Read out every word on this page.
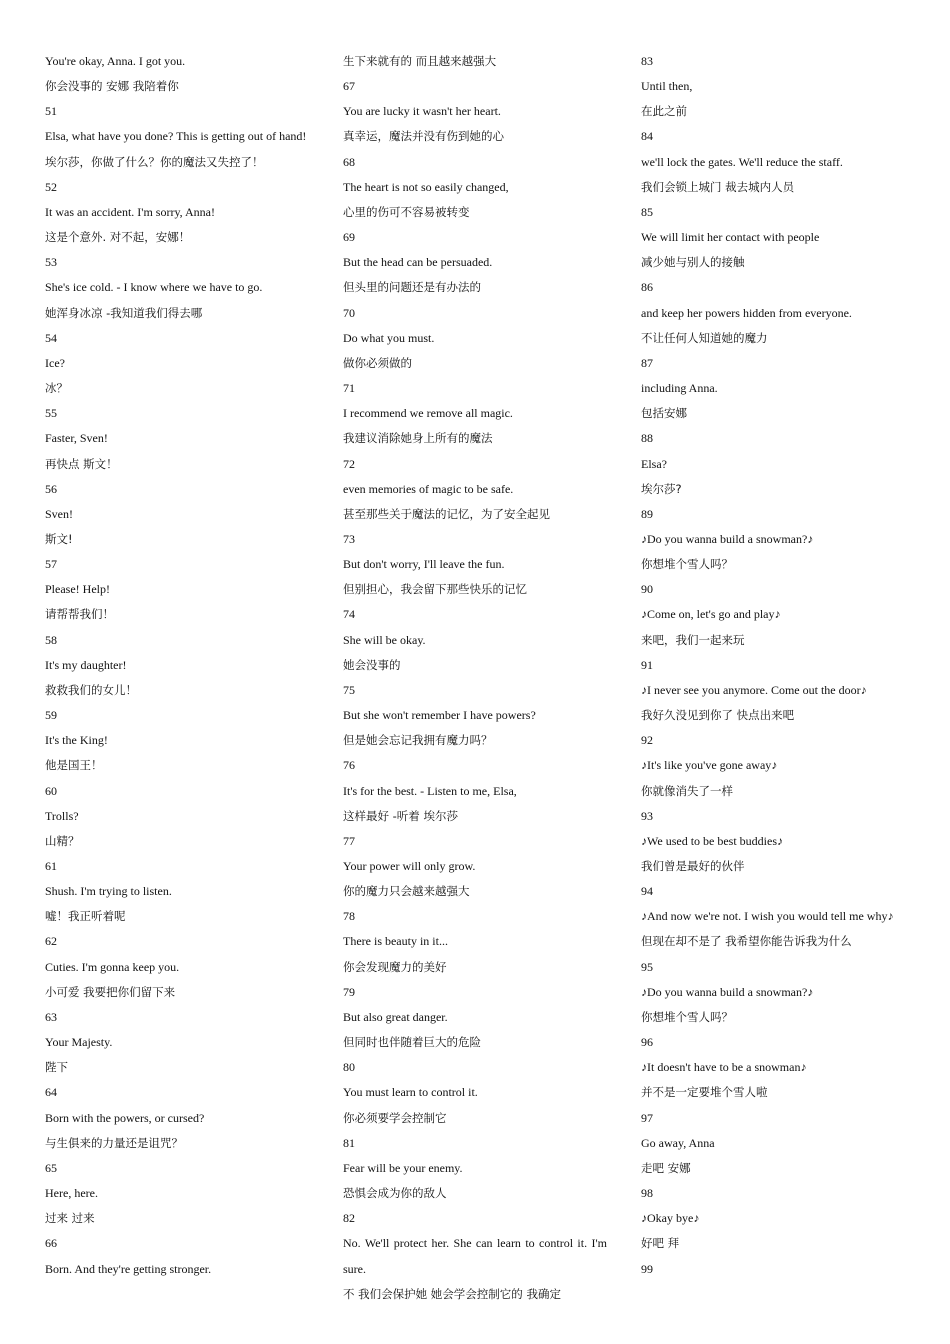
You're okay, Anna. I got you.
你会没事的 安娜 我陪着你
51
Elsa, what have you done? This is getting out of hand!
埃尔莎，你做了什么？你的魔法又失控了！
52
It was an accident. I'm sorry, Anna!
这是个意外. 对不起，安娜！
53
She's ice cold. - I know where we have to go.
她浑身冰凉 -我知道我们得去哪
54
Ice?
冰？
55
Faster, Sven!
再快点 斯文！
56
Sven!
斯文!
57
Please! Help!
请帮帮我们！
58
It's my daughter!
救救我们的女儿！
59
It's the King!
他是国王！
60
Trolls?
山精？
61
Shush. I'm trying to listen.
嘘！我正听着呢
62
Cuties. I'm gonna keep you.
小可爱 我要把你们留下来
63
Your Majesty.
陛下
64
Born with the powers, or cursed?
与生俱来的力量还是诅咒？
65
Here, here.
过来 过来
66
Born. And they're getting stronger.
生下来就有的 而且越来越强大
67
You are lucky it wasn't her heart.
真幸运，魔法并没有伤到她的心
68
The heart is not so easily changed,
心里的伤可不容易被转变
69
But the head can be persuaded.
但头里的问题还是有办法的
70
Do what you must.
做你必须做的
71
I recommend we remove all magic.
我建议消除她身上所有的魔法
72
even memories of magic to be safe.
甚至那些关于魔法的记忆，为了安全起见
73
But don't worry, I'll leave the fun.
但别担心，我会留下那些快乐的记忆
74
She will be okay.
她会没事的
75
But she won't remember I have powers?
但是她会忘记我拥有魔力吗？
76
It's for the best. - Listen to me, Elsa,
这样最好 -听着 埃尔莎
77
Your power will only grow.
你的魔力只会越来越强大
78
There is beauty in it...
你会发现魔力的美好
79
But also great danger.
但同时也伴随着巨大的危险
80
You must learn to control it.
你必须要学会控制它
81
Fear will be your enemy.
恐惧会成为你的敌人
82
No. We'll protect her. She can learn to control it. I'm sure.
不 我们会保护她 她会学会控制它的 我确定
83
Until then,
在此之前
84
we'll lock the gates. We'll reduce the staff.
我们会锁上城门 裁去城内人员
85
We will limit her contact with people
减少她与别人的接触
86
and keep her powers hidden from everyone.
不让任何人知道她的魔力
87
including Anna.
包括安娜
88
Elsa?
埃尔莎?
89
♪Do you wanna build a snowman?♪
你想堆个雪人吗？
90
♪Come on, let's go and play♪
来吧，我们一起来玩
91
♪I never see you anymore. Come out the door♪
我好久没见到你了 快点出来吧
92
♪It's like you've gone away♪
你就像消失了一样
93
♪We used to be best buddies♪
我们曾是最好的伙伴
94
♪And now we're not. I wish you would tell me why♪
但现在却不是了 我希望你能告诉我为什么
95
♪Do you wanna build a snowman?♪
你想堆个雪人吗？
96
♪It doesn't have to be a snowman♪
并不是一定要堆个雪人啦
97
Go away, Anna
走吧 安娜
98
♪Okay bye♪
好吧 拜
99
